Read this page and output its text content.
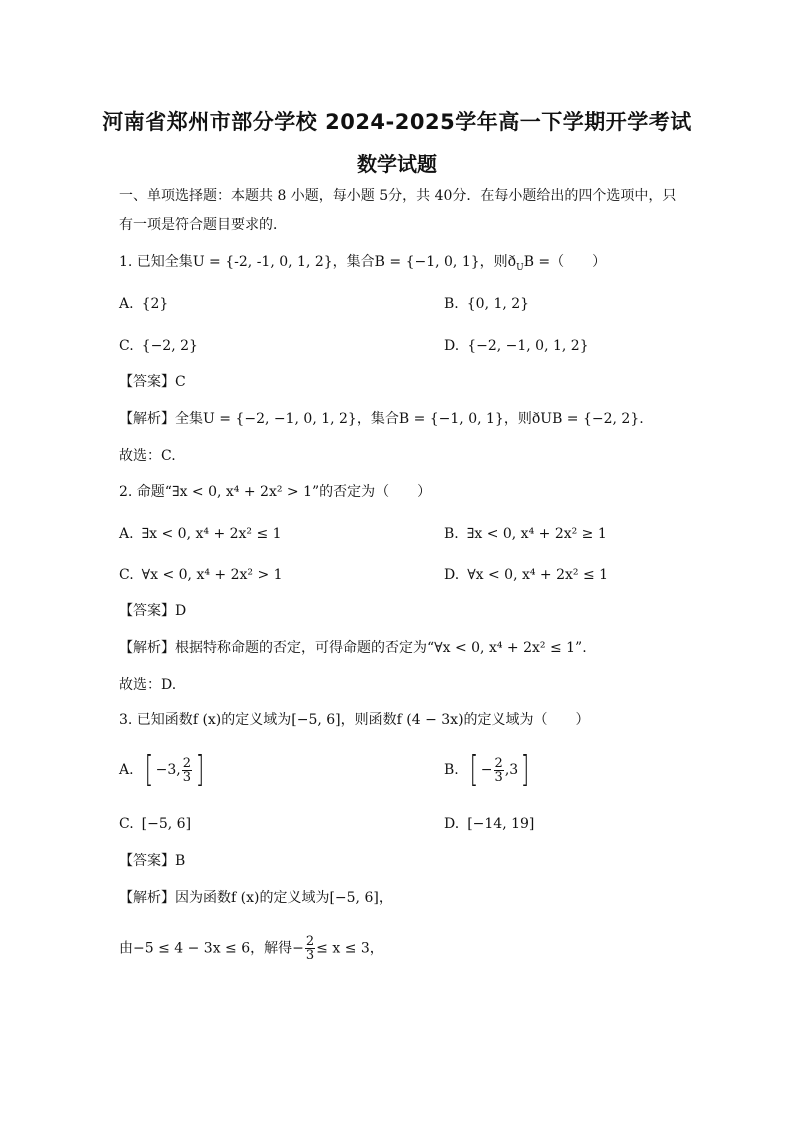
河南省郑州市部分学校 2024-2025学年高一下学期开学考试
数学试题
一、单项选择题：本题共 8 小题，每小题 5分，共 40分．在每小题给出的四个选项中，只
有一项是符合题目要求的．
1. 已知全集U = {-2, -1, 0, 1, 2}，集合B = {−1, 0, 1}，则$ð_UB$ =（　　）
A. {2}	B. {0, 1, 2}
C. {−2, 2}	D. {−2, −1, 0, 1, 2}
【答案】C
【解析】全集U = {−2, −1, 0, 1, 2}，集合B = {−1, 0, 1}，则ðUB = {−2, 2}.
故选：C.
2. 命题“∃x < 0, x⁴ + 2x² > 1”的否定为（　　）
A. ∃x < 0, x⁴ + 2x² ≤ 1	B. ∃x < 0, x⁴ + 2x² ≥ 1
C. ∀x < 0, x⁴ + 2x² > 1	D. ∀x < 0, x⁴ + 2x² ≤ 1
【答案】D
【解析】根据特称命题的否定，可得命题的否定为“∀x < 0, x⁴ + 2x² ≤ 1”.
故选：D.
3. 已知函数f (x)的定义域为[−5, 6]，则函数f (4 − 3x)的定义域为（　　）
A. [ −3, $\frac{2}{3}$ ]	B. [ − $\frac{2}{3} ,3$]
C. [−5, 6]	D. [−14, 19]
【答案】B
【解析】因为函数f (x)的定义域为[−5, 6]，
由−5 ≤ 4 − 3x ≤ 6，解得− $\frac{2}{3} \le x \le 3$，
